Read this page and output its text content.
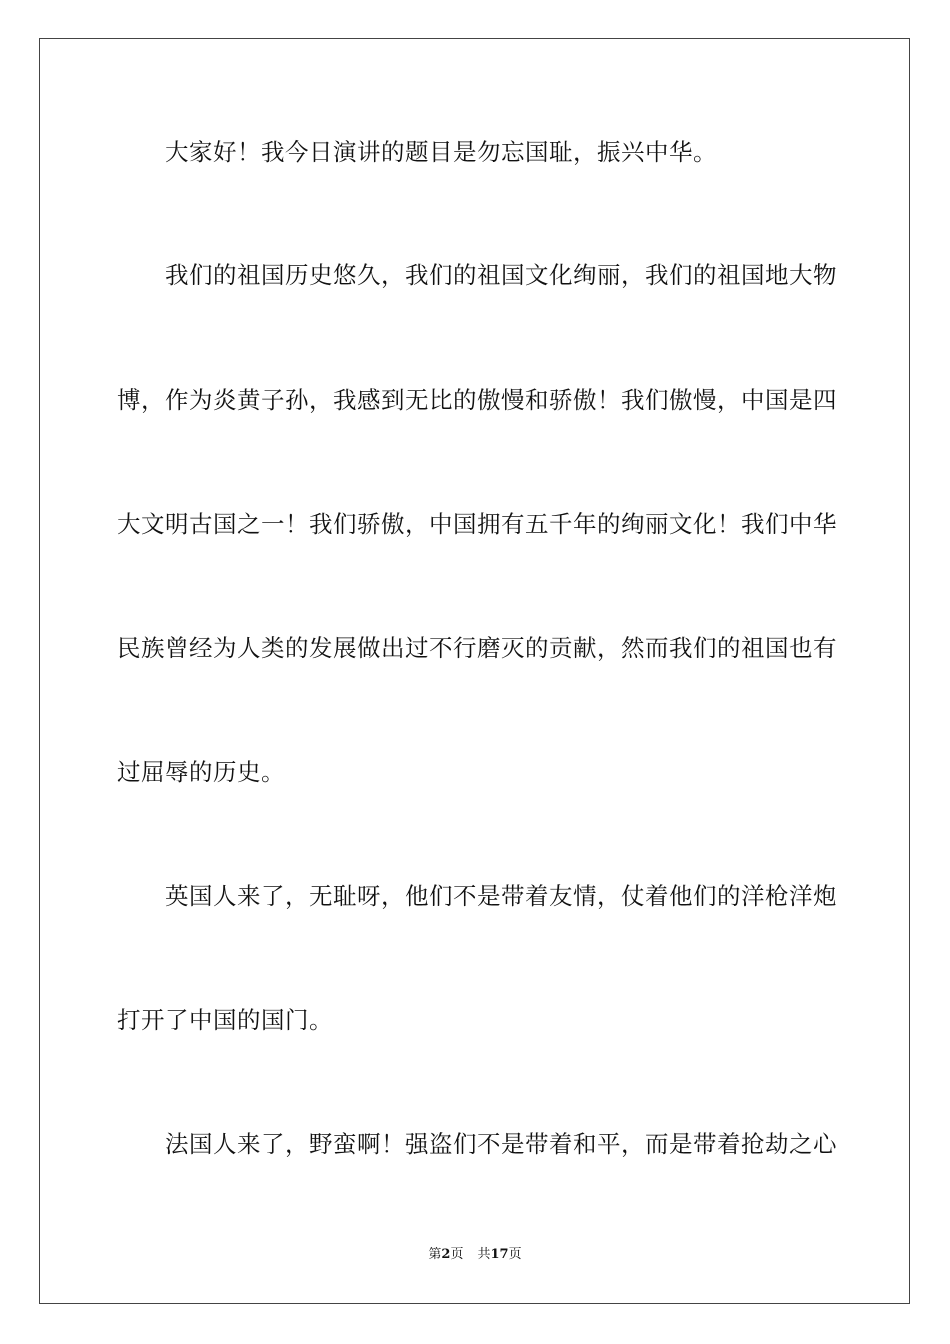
大家好！我今日演讲的题目是勿忘国耻，振兴中华。
我们的祖国历史悠久，我们的祖国文化绚丽，我们的祖国地大物
博，作为炎黄子孙，我感到无比的傲慢和骄傲！我们傲慢，中国是四
大文明古国之一！我们骄傲，中国拥有五千年的绚丽文化！我们中华
民族曾经为人类的发展做出过不行磨灭的贡献，然而我们的祖国也有
过屈辱的历史。
英国人来了，无耻呀，他们不是带着友情，仗着他们的洋枪洋炮
打开了中国的国门。
法国人来了，野蛮啊！强盗们不是带着和平，而是带着抢劫之心
第2页 共17页
